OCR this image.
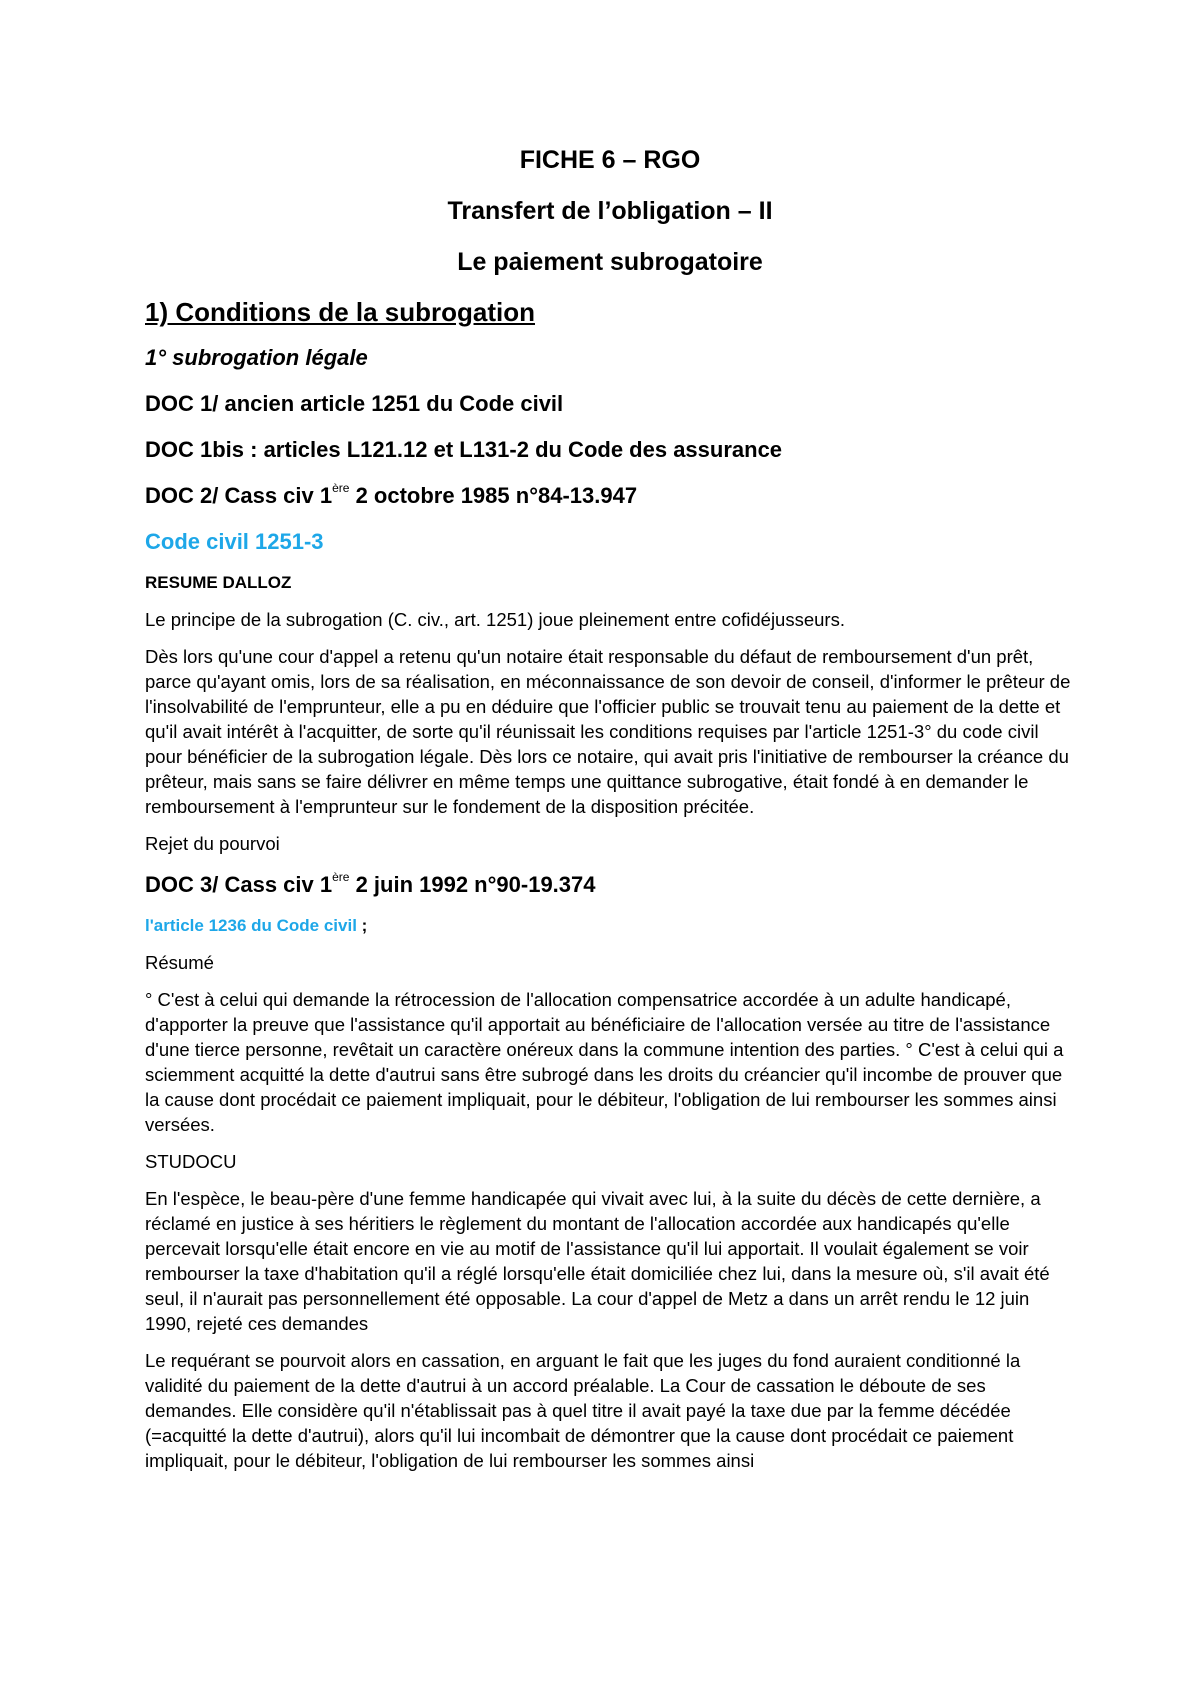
FICHE 6 – RGO

Transfert de l’obligation – II

Le paiement subrogatoire

1) Conditions de la subrogation

1° subrogation légale

DOC 1/ ancien article 1251 du Code civil

DOC 1bis : articles L121.12 et L131-2 du Code des assurance

DOC 2/ Cass civ 1ère 2 octobre 1985 n°84-13.947

Code civil 1251-3

RESUME DALLOZ

Le principe de la subrogation (C. civ., art. 1251) joue pleinement entre cofidéjusseurs.

Dès lors qu'une cour d'appel a retenu qu'un notaire était responsable du défaut de remboursement d'un prêt, parce qu'ayant omis, lors de sa réalisation, en méconnaissance de son devoir de conseil, d'informer le prêteur de l'insolvabilité de l'emprunteur, elle a pu en déduire que l'officier public se trouvait tenu au paiement de la dette et qu'il avait intérêt à l'acquitter, de sorte qu'il réunissait les conditions requises par l'article 1251-3° du code civil pour bénéficier de la subrogation légale. Dès lors ce notaire, qui avait pris l'initiative de rembourser la créance du prêteur, mais sans se faire délivrer en même temps une quittance subrogative, était fondé à en demander le remboursement à l'emprunteur sur le fondement de la disposition précitée.

Rejet du pourvoi

DOC 3/ Cass civ 1ère 2 juin 1992 n°90-19.374

l'article 1236 du Code civil ;

Résumé

° C'est à celui qui demande la rétrocession de l'allocation compensatrice accordée à un adulte handicapé, d'apporter la preuve que l'assistance qu'il apportait au bénéficiaire de l'allocation versée au titre de l'assistance d'une tierce personne, revêtait un caractère onéreux dans la commune intention des parties. ° C'est à celui qui a sciemment acquitté la dette d'autrui sans être subrogé dans les droits du créancier qu'il incombe de prouver que la cause dont procédait ce paiement impliquait, pour le débiteur, l'obligation de lui rembourser les sommes ainsi versées.

STUDOCU

En l'espèce, le beau-père d'une femme handicapée qui vivait avec lui, à la suite du décès de cette dernière, a réclamé en justice à ses héritiers le règlement du montant de l'allocation accordée aux handicapés qu'elle percevait lorsqu'elle était encore en vie au motif de l'assistance qu'il lui apportait. Il voulait également se voir rembourser la taxe d'habitation qu'il a réglé lorsqu'elle était domiciliée chez lui, dans la mesure où, s'il avait été seul, il n'aurait pas personnellement été opposable. La cour d'appel de Metz a dans un arrêt rendu le 12 juin 1990, rejeté ces demandes

Le requérant se pourvoit alors en cassation, en arguant le fait que les juges du fond auraient conditionné la validité du paiement de la dette d'autrui à un accord préalable. La Cour de cassation le déboute de ses demandes. Elle considère qu'il n'établissait pas à quel titre il avait payé la taxe due par la femme décédée (=acquitté la dette d'autrui), alors qu'il lui incombait de démontrer que la cause dont procédait ce paiement impliquait, pour le débiteur, l'obligation de lui rembourser les sommes ainsi
